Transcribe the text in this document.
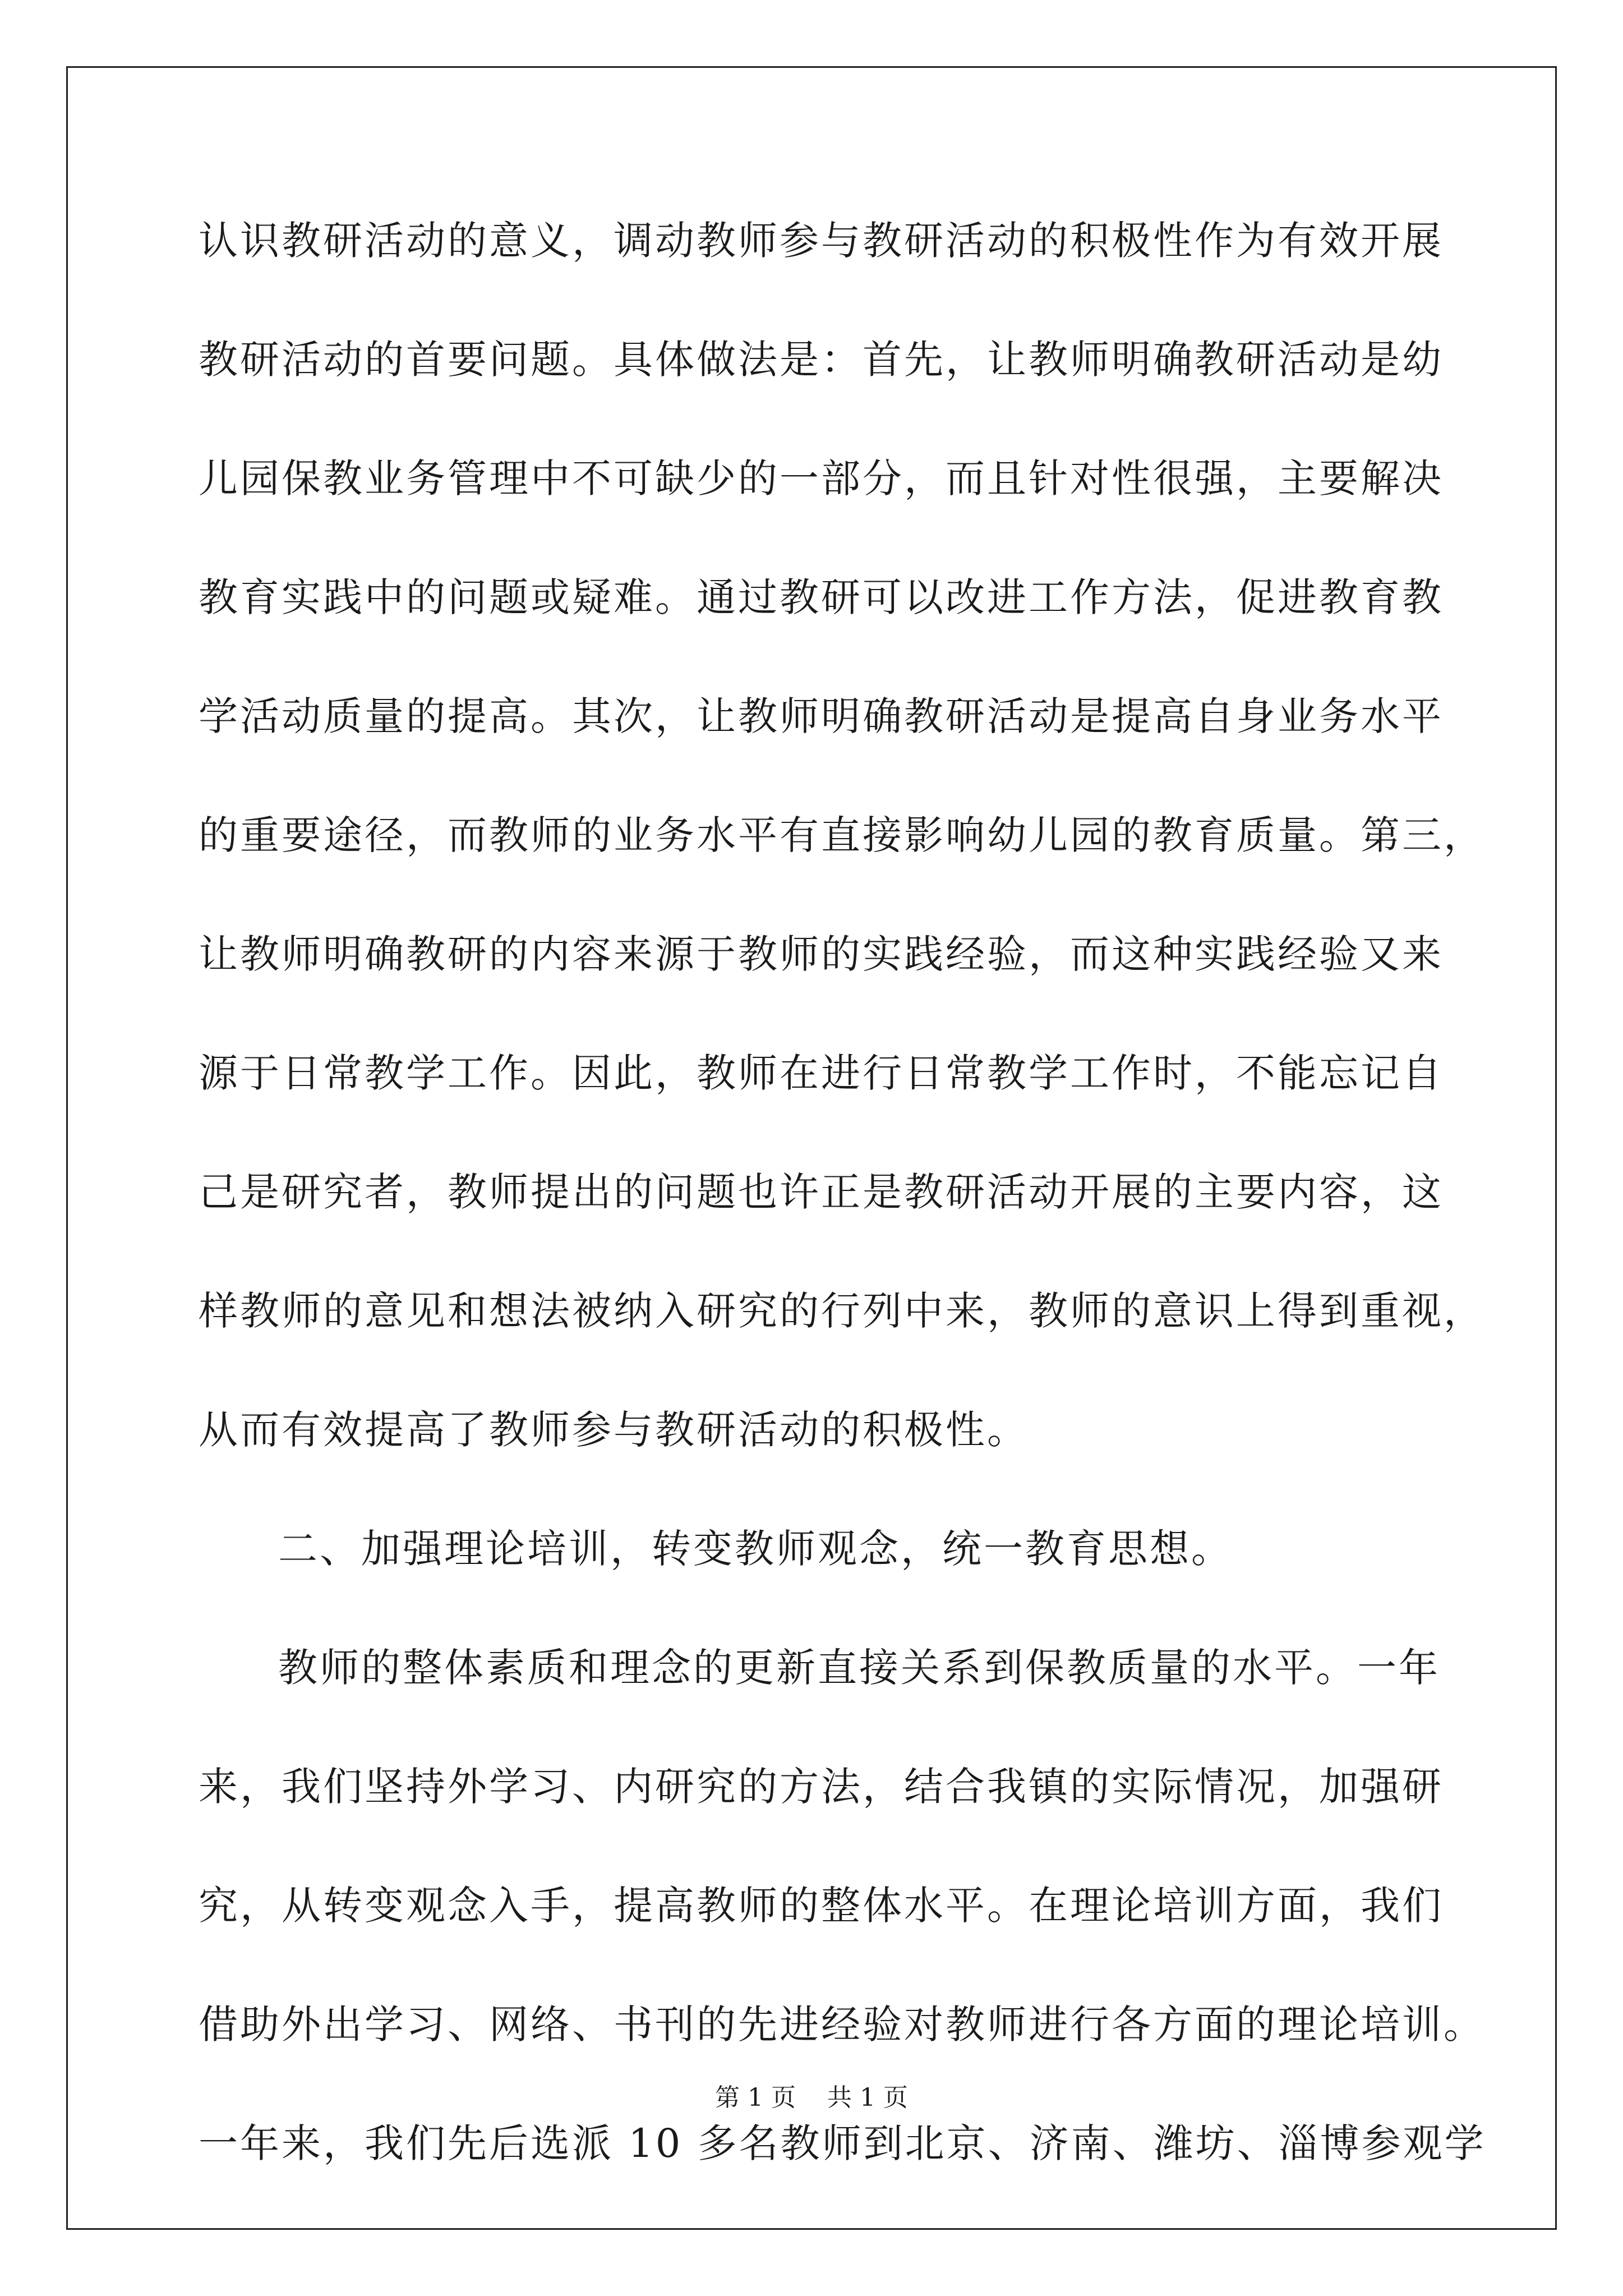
认识教研活动的意义，调动教师参与教研活动的积极性作为有效开展
教研活动的首要问题。具体做法是：首先，让教师明确教研活动是幼
儿园保教业务管理中不可缺少的一部分，而且针对性很强，主要解决
教育实践中的问题或疑难。通过教研可以改进工作方法，促进教育教
学活动质量的提高。其次，让教师明确教研活动是提高自身业务水平
的重要途径，而教师的业务水平有直接影响幼儿园的教育质量。第三，
让教师明确教研的内容来源于教师的实践经验，而这种实践经验又来
源于日常教学工作。因此，教师在进行日常教学工作时，不能忘记自
己是研究者，教师提出的问题也许正是教研活动开展的主要内容，这
样教师的意见和想法被纳入研究的行列中来，教师的意识上得到重视，
从而有效提高了教师参与教研活动的积极性。
二、加强理论培训，转变教师观念，统一教育思想。
教师的整体素质和理念的更新直接关系到保教质量的水平。一年
来，我们坚持外学习、内研究的方法，结合我镇的实际情况，加强研
究，从转变观念入手，提高教师的整体水平。在理论培训方面，我们
借助外出学习、网络、书刊的先进经验对教师进行各方面的理论培训。
一年来，我们先后选派 10 多名教师到北京、济南、潍坊、淄博参观学
第 1 页    共 1 页
